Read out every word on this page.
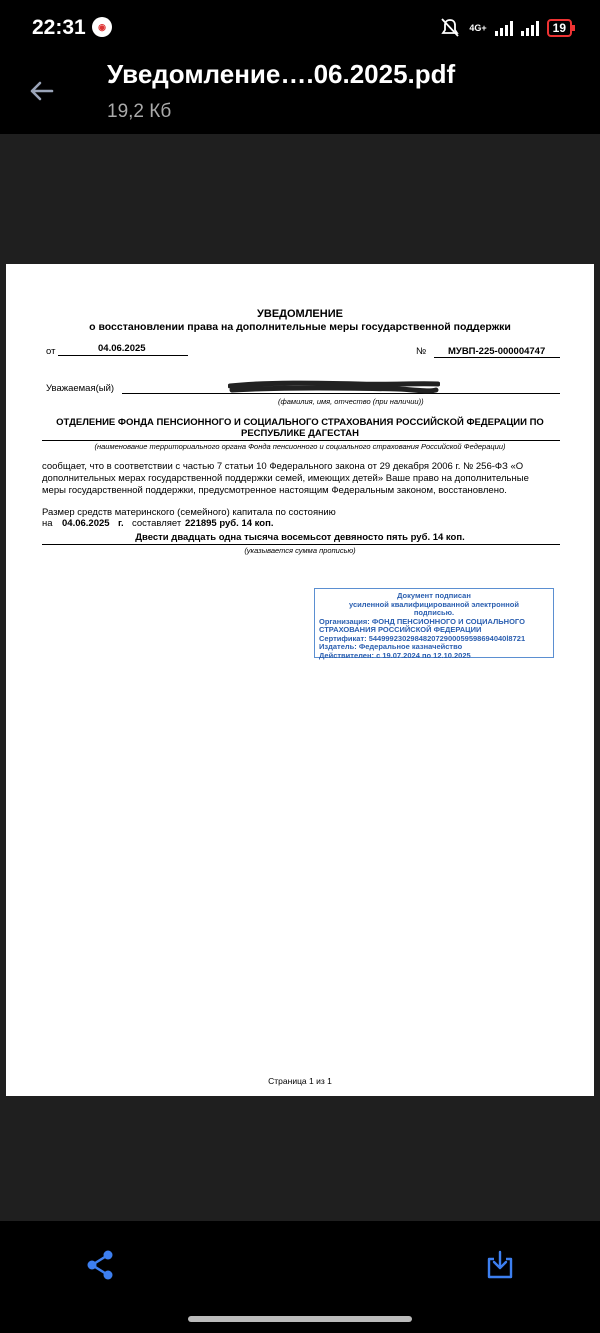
22:31	◉	4G+	19
Уведомление….06.2025.pdf
19,2 Кб
УВЕДОМЛЕНИЕ
о восстановлении права на дополнительные меры государственной поддержки
от	04.06.2025	№ МУВП-225-000004747
Уважаемая(ый)
(фамилия, имя, отчество (при наличии))
ОТДЕЛЕНИЕ ФОНДА ПЕНСИОННОГО И СОЦИАЛЬНОГО СТРАХОВАНИЯ РОССИЙСКОЙ ФЕДЕРАЦИИ ПО
РЕСПУБЛИКЕ ДАГЕСТАН
(наименование территориального органа Фонда пенсионного и социального страхования Российской Федерации)
сообщает, что в соответствии с частью 7 статьи 10 Федерального закона от 29 декабря 2006 г. № 256-ФЗ «О
дополнительных мерах государственной поддержки семей, имеющих детей» Ваше право на дополнительные
меры государственной поддержки, предусмотренное настоящим Федеральным законом, восстановлено.
Размер средств материнского (семейного) капитала по состоянию
на 04.06.2025 г. составляет 221895 руб. 14 коп.
Двести двадцать одна тысяча восемьсот девяносто пять руб. 14 коп.
(указывается сумма прописью)
Документ подписан
усиленной квалифицированной электронной
подписью.
Организация: ФОНД ПЕНСИОННОГО И СОЦИАЛЬНОГО
СТРАХОВАНИЯ РОССИЙСКОЙ ФЕДЕРАЦИИ
Сертификат: 544999230298482072900059598694040l8721
Издатель: Федеральное казначейство
Действителен: с 19.07.2024 по 12.10.2025
Страница 1 из 1
